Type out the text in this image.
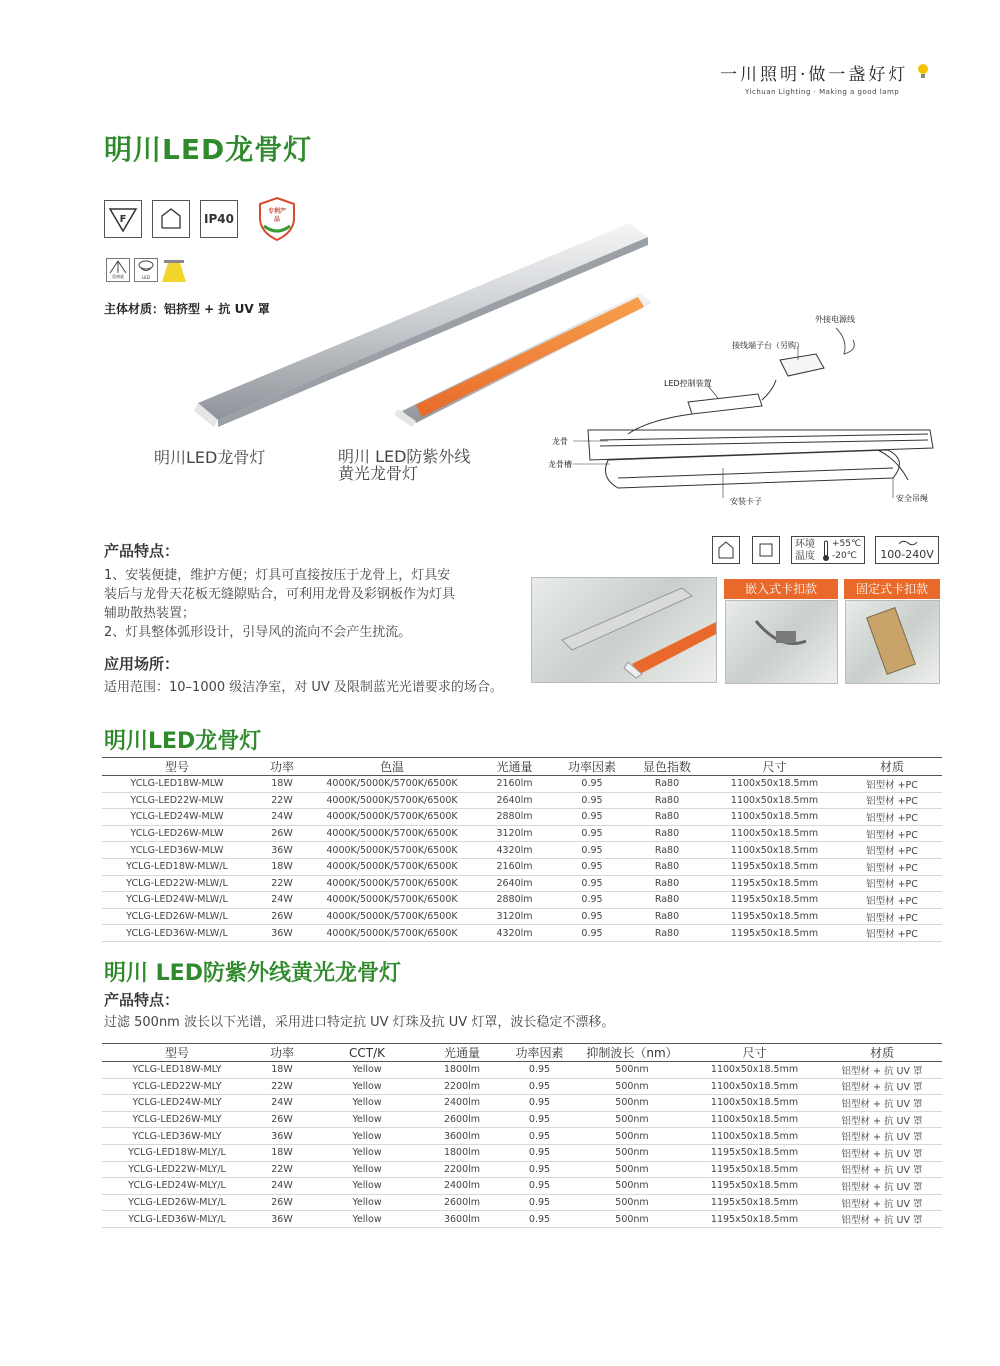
一川照明·做一盏好灯
Yichuan Lighting · Making a good lamp
明川LED龙骨灯
F	IP40
专利产品
重测量	LED
主体材质：铝挤型 + 抗 UV 罩
明川LED龙骨灯	明川 LED防紫外线
黄光龙骨灯
外接电源线
接线端子台（另购）
LED控制装置
龙骨
龙骨槽
安装卡子	安全吊绳
产品特点：
1、安装便捷，维护方便；灯具可直接按压于龙骨上，灯具安
装后与龙骨天花板无缝隙贴合，可利用龙骨及彩钢板作为灯具
辅助散热装置；
2、灯具整体弧形设计，引导风的流向不会产生扰流。
应用场所：
适用范围：10–1000 级洁净室，对 UV 及限制蓝光光谱要求的场合。
环境
温度
+55℃
-20℃	100-240V
嵌入式卡扣款	固定式卡扣款
明川LED龙骨灯
型号	功率	色温	光通量	功率因素	显色指数	尺寸	材质
YCLG-LED18W-MLW	18W	4000K/5000K/5700K/6500K	2160lm	0.95	Ra80	1100x50x18.5mm	铝型材 +PC
YCLG-LED22W-MLW	22W	4000K/5000K/5700K/6500K	2640lm	0.95	Ra80	1100x50x18.5mm	铝型材 +PC
YCLG-LED24W-MLW	24W	4000K/5000K/5700K/6500K	2880lm	0.95	Ra80	1100x50x18.5mm	铝型材 +PC
YCLG-LED26W-MLW	26W	4000K/5000K/5700K/6500K	3120lm	0.95	Ra80	1100x50x18.5mm	铝型材 +PC
YCLG-LED36W-MLW	36W	4000K/5000K/5700K/6500K	4320lm	0.95	Ra80	1100x50x18.5mm	铝型材 +PC
YCLG-LED18W-MLW/L	18W	4000K/5000K/5700K/6500K	2160lm	0.95	Ra80	1195x50x18.5mm	铝型材 +PC
YCLG-LED22W-MLW/L	22W	4000K/5000K/5700K/6500K	2640lm	0.95	Ra80	1195x50x18.5mm	铝型材 +PC
YCLG-LED24W-MLW/L	24W	4000K/5000K/5700K/6500K	2880lm	0.95	Ra80	1195x50x18.5mm	铝型材 +PC
YCLG-LED26W-MLW/L	26W	4000K/5000K/5700K/6500K	3120lm	0.95	Ra80	1195x50x18.5mm	铝型材 +PC
YCLG-LED36W-MLW/L	36W	4000K/5000K/5700K/6500K	4320lm	0.95	Ra80	1195x50x18.5mm	铝型材 +PC
明川 LED防紫外线黄光龙骨灯
产品特点：
过滤 500nm 波长以下光谱，采用进口特定抗 UV 灯珠及抗 UV 灯罩，波长稳定不漂移。
型号	功率	CCT/K	光通量	功率因素	抑制波长（nm）	尺寸	材质
YCLG-LED18W-MLY	18W	Yellow	1800lm	0.95	500nm	1100x50x18.5mm	铝型材 + 抗 UV 罩
YCLG-LED22W-MLY	22W	Yellow	2200lm	0.95	500nm	1100x50x18.5mm	铝型材 + 抗 UV 罩
YCLG-LED24W-MLY	24W	Yellow	2400lm	0.95	500nm	1100x50x18.5mm	铝型材 + 抗 UV 罩
YCLG-LED26W-MLY	26W	Yellow	2600lm	0.95	500nm	1100x50x18.5mm	铝型材 + 抗 UV 罩
YCLG-LED36W-MLY	36W	Yellow	3600lm	0.95	500nm	1100x50x18.5mm	铝型材 + 抗 UV 罩
YCLG-LED18W-MLY/L	18W	Yellow	1800lm	0.95	500nm	1195x50x18.5mm	铝型材 + 抗 UV 罩
YCLG-LED22W-MLY/L	22W	Yellow	2200lm	0.95	500nm	1195x50x18.5mm	铝型材 + 抗 UV 罩
YCLG-LED24W-MLY/L	24W	Yellow	2400lm	0.95	500nm	1195x50x18.5mm	铝型材 + 抗 UV 罩
YCLG-LED26W-MLY/L	26W	Yellow	2600lm	0.95	500nm	1195x50x18.5mm	铝型材 + 抗 UV 罩
YCLG-LED36W-MLY/L	36W	Yellow	3600lm	0.95	500nm	1195x50x18.5mm	铝型材 + 抗 UV 罩
